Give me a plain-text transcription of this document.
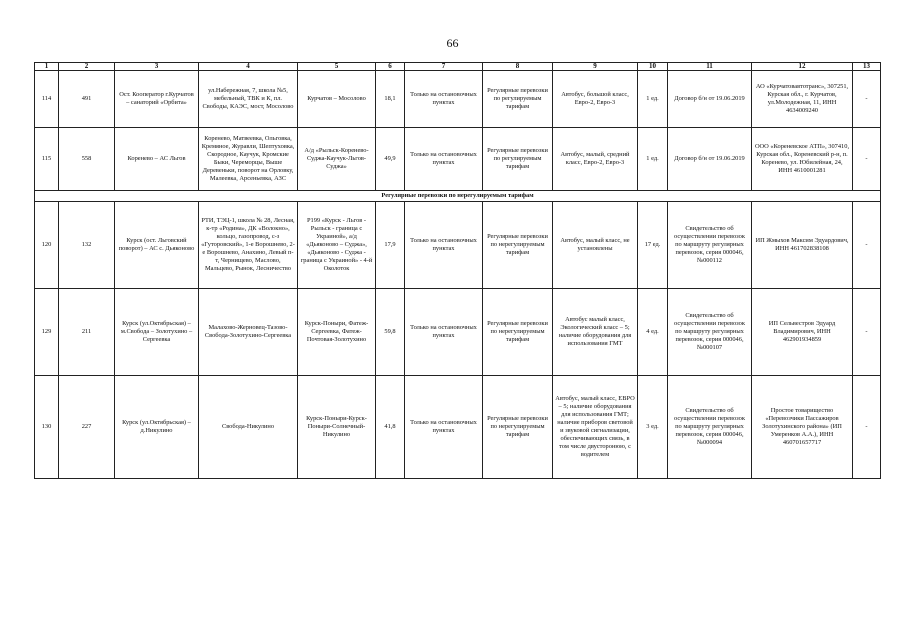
66
1	2	3	4	5	6	7	8	9	10	11	12	13
114	491	Ост. Кооператор г.Курчатов – санаторий «Орбита»	ул.Набережная, 7, школа №5, мебельный, ТВК и К, пл. Свободы, КАЭС, мост, Мосолово	Курчатов – Мосолово	18,1	Только на остановочных пунктах	Регулярные перевозки по регулируемым тарифам	Автобус, большой класс, Евро-2, Евро-3	1 ед.	Договор б/н от 19.06.2019	АО «Курчатовавтотранс», 307251, Курская обл., г. Курчатов, ул.Молодежная, 11, ИНН 4634009240	-
115	558	Коренево – АС Льгов	Коренево, Матвеевка, Ольговка, Кремяное, Журавли, Шептуховка, Скородное, Каучук, Кромские Быки, Череморцы, Выше Деревеньки, поворот на Орловку, Малеевка, Арсеньевка, АЗС	А/д «Рыльск-Коренево-Суджа-Каучук-Льгов-Суджа»	49,9	Только на остановочных пунктах	Регулярные перевозки по регулируемым тарифам	Автобус, малый, средний класс, Евро-2, Евро-3	1 ед.	Договор б/н от 19.06.2019	ООО «Кореневское АТП», 307410, Курская обл., Кореневский р-н, п. Коренево, ул. Юбилейная, 24, ИНН 4610001281	-
Регулярные перевозки по нерегулируемым тарифам												
120	132	Курск (ост. Льговский поворот) – АС с. Дьяконово	РТИ, ТЭЦ-1, школа № 28, Лесная, к-тр «Родина», ДК «Волокно», кольцо, газопровод, с-з «Гуторовский», 1-е Ворошнево, 2-е Ворошнево, Анахино, Левый п-т, Чернищево, Маслово, Мальцево, Рынок, Лесничество	Р199 «Курск - Льгов - Рыльск - граница с Украиной», а/д «Дьяконово – Суджа», «Дьяконово - Суджа - граница с Украиной» - 4-й Околоток	17,9	Только на остановочных пунктах	Регулярные перевозки по нерегулируемым тарифам	Автобус, малый класс, не установлены	17 ед.	Свидетельство об осуществлении перевозок по маршруту регулярных перевозок, серия 000046, №000112	ИП Жмыхов Максим Эдуардович, ИНН 461702838108	-
129	211	Курск (ул.Октябрьская) – м.Свобода – Золотухино – Сергеевка	Малахово-Жерновец-Тазово-Свобода-Золотухино-Сергеевка	Курск-Поныри, Фатеж-Сергеевка, Фатеж-Почтовая-Золотухино	59,8	Только на остановочных пунктах	Регулярные перевозки по нерегулируемым тарифам	Автобус малый класс, Экологический класс – 5; наличие оборудования для использования ГМТ	4 ед.	Свидетельство об осуществлении перевозок по маршруту регулярных перевозок, серия 000046, №000107	ИП Сельвестров Эдуард Владимирович, ИНН 462901934859	-
130	227	Курск (ул.Октябрьская) – д.Никулино	Свобода-Никулино	Курск-Поныри-Курск-Поныри-Солнечный-Никулино	41,8	Только на остановочных пунктах	Регулярные перевозки по нерегулируемым тарифам	Автобус, малый класс, ЕВРО – 5; наличие оборудования для использования ГМТ; наличие приборов световой и звуковой сигнализации, обеспечивающих связь, в том числе двусторонюю, с водителем	3 ед.	Свидетельство об осуществлении перевозок по маршруту регулярных перевозок, серия 000046, №000094	Простое товарищество «Перевозчики Пассажиров Золотухинского района» (ИП Умеренков А.А.), ИНН 460701657717	-
